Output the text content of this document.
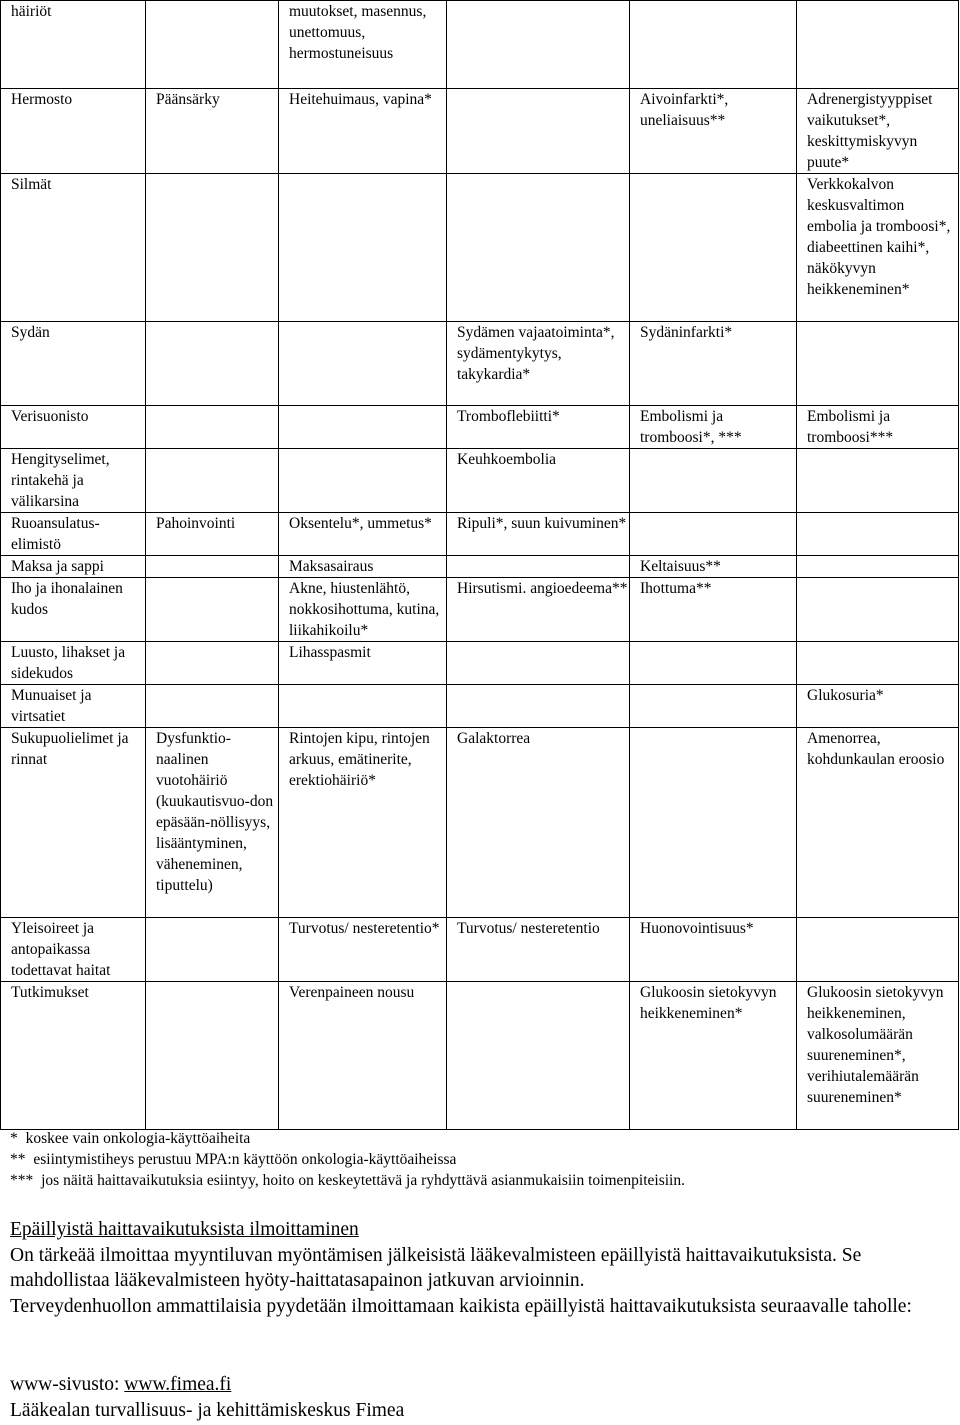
häiriöt		muutokset, masennus, unettomuus, hermostuneisuus			
Hermosto	Päänsärky	Heitehuimaus, vapina*		Aivoinfarkti*, uneliaisuus**	Adrenergistyyppiset vaikutukset*, keskittymiskyvyn puute*
Silmät					Verkkokalvon keskusvaltimon embolia ja tromboosi*, diabeettinen kaihi*, näkökyvyn heikkeneminen*
Sydän			Sydämen vajaatoiminta*, sydämentykytys, takykardia*	Sydäninfarkti*	
Verisuonisto			Tromboflebiitti*	Embolismi ja tromboosi*, ***	Embolismi ja tromboosi***
Hengityselimet, rintakehä ja välikarsina			Keuhkoembolia		
Ruoansulatus-elimistö	Pahoinvointi	Oksentelu*, ummetus*	Ripuli*, suun kuivuminen*		
Maksa ja sappi		Maksasairaus		Keltaisuus**	
Iho ja ihonalainen kudos		Akne, hiustenlähtö, nokkosihottuma, kutina, liikahikoilu*	Hirsutismi. angioedeema**	Ihottuma**	
Luusto, lihakset ja sidekudos		Lihasspasmit			
Munuaiset ja virtsatiet					Glukosuria*
Sukupuolielimet ja rinnat	Dysfunktio-naalinen vuotohäiriö (kuukautisvuo-don epäsään-nöllisyys, lisääntyminen, väheneminen, tiputtelu)	Rintojen kipu, rintojen arkuus, emätinerite, erektiohäiriö*	Galaktorrea		Amenorrea, kohdunkaulan eroosio
Yleisoireet ja antopaikassa todettavat haitat		Turvotus/ nesteretentio*	Turvotus/ nesteretentio	Huonovointisuus*	
Tutkimukset		Verenpaineen nousu		Glukoosin sietokyvyn heikkeneminen*	Glukoosin sietokyvyn heikkeneminen, valkosolumäärän suureneminen*, verihiutalemäärän suureneminen*
* koskee vain onkologia-käyttöaiheita
** esiintymistiheys perustuu MPA:n käyttöön onkologia-käyttöaiheissa
*** jos näitä haittavaikutuksia esiintyy, hoito on keskeytettävä ja ryhdyttävä asianmukaisiin toimenpiteisiin.
Epäillyistä haittavaikutuksista ilmoittaminen

On tärkeää ilmoittaa myyntiluvan myöntämisen jälkeisistä lääkevalmisteen epäillyistä haittavaikutuksista. Se mahdollistaa lääkevalmisteen hyöty-haittatasapainon jatkuvan arvioinnin.

Terveydenhuollon ammattilaisia pyydetään ilmoittamaan kaikista epäillyistä haittavaikutuksista seuraavalle taholle:

www-sivusto: www.fimea.fi
Lääkealan turvallisuus- ja kehittämiskeskus Fimea
